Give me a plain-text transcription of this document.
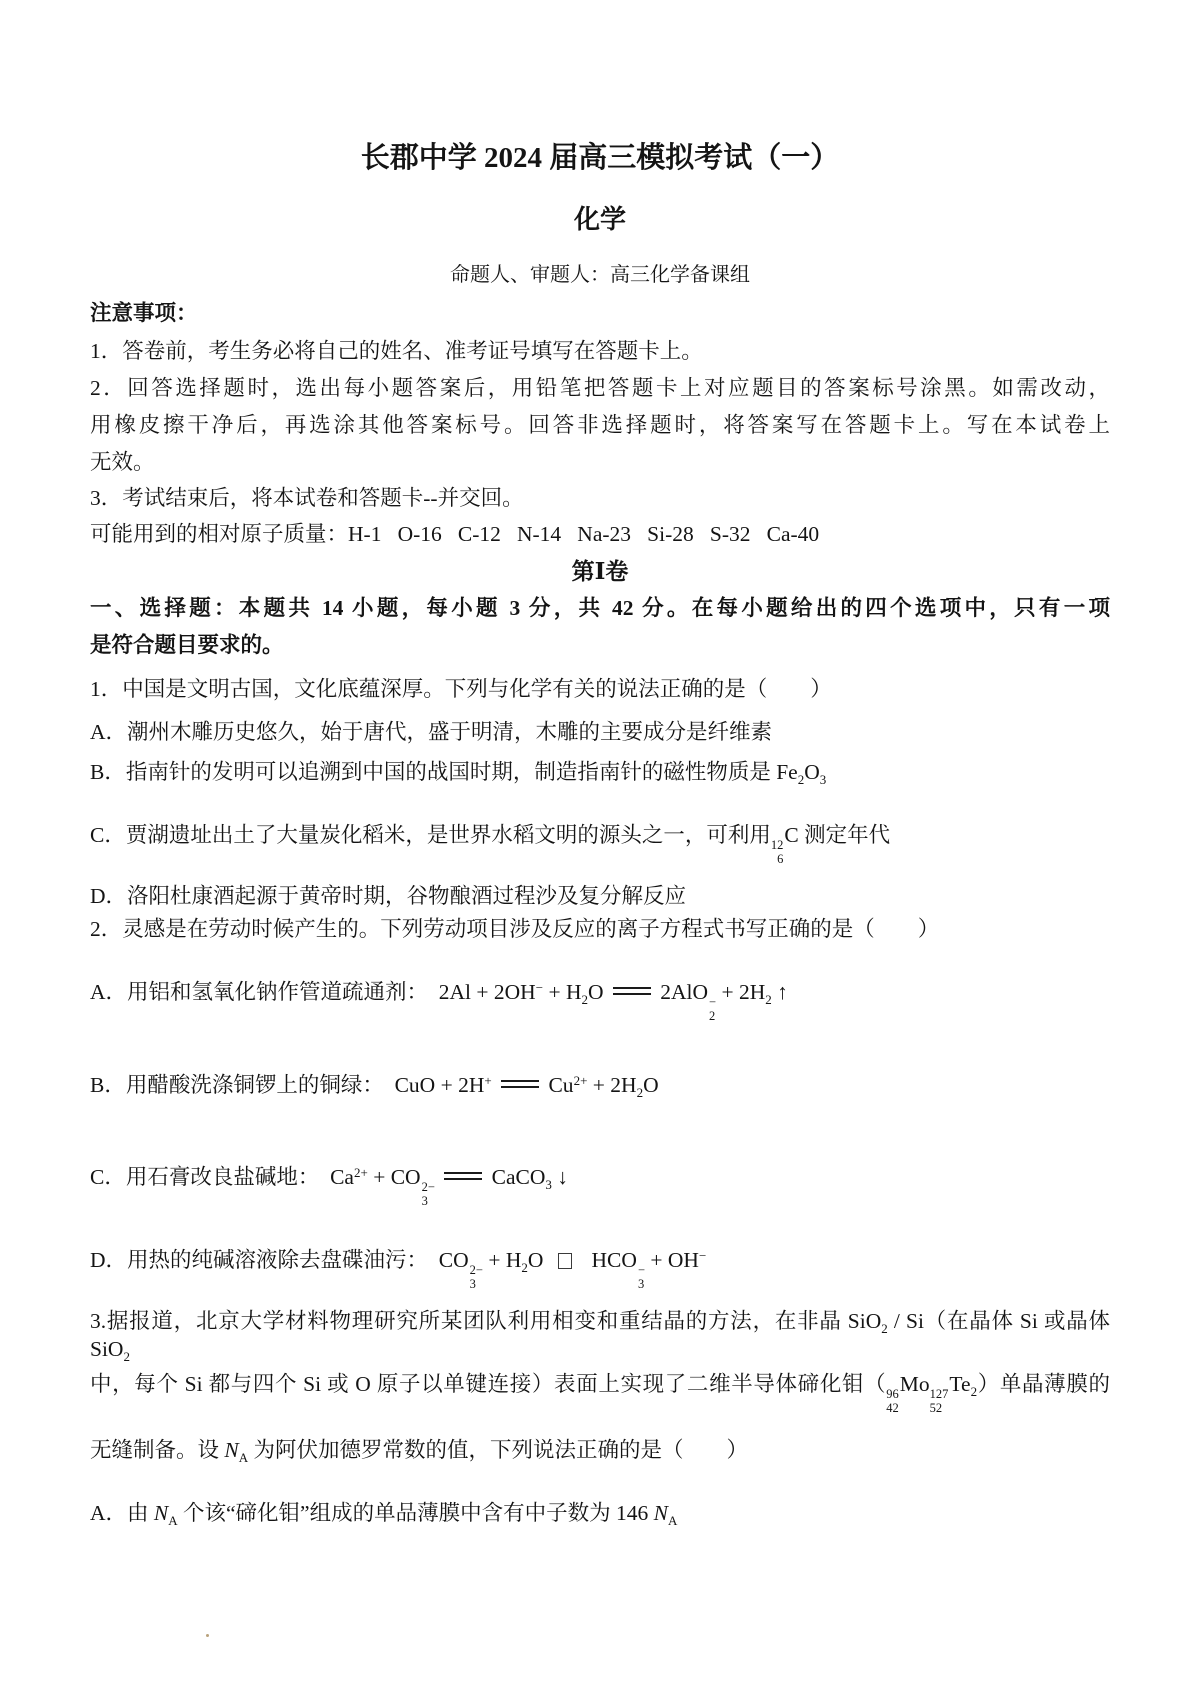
长郡中学 2024 届高三模拟考试（一）
化学

命题人、审题人：高三化学备课组

注意事项：

1．答卷前，考生务必将自己的姓名、准考证号填写在答题卡上。

2．回答选择题时，选出每小题答案后，用铅笔把答题卡上对应题目的答案标号涂黑。如需改动，

用橡皮擦干净后，再选涂其他答案标号。回答非选择题时，将答案写在答题卡上。写在本试卷上

无效。

3．考试结束后，将本试卷和答题卡--并交回。

可能用到的相对原子质量：H-1   O-16   C-12   N-14   Na-23   Si-28   S-32   Ca-40

第Ⅰ卷

一、选择题：本题共 14 小题，每小题 3 分，共 42 分。在每小题给出的四个选项中，只有一项

是符合题目要求的。

1．中国是文明古国，文化底蕴深厚。下列与化学有关的说法正确的是（　　）

A．潮州木雕历史悠久，始于唐代，盛于明清，木雕的主要成分是纤维素

B．指南针的发明可以追溯到中国的战国时期，制造指南针的磁性物质是 $Fe_2O_3$

C．贾湖遗址出土了大量炭化稻米，是世界水稻文明的源头之一，可利用 12
6
C 测定年代

D．洛阳杜康酒起源于黄帝时期，谷物酿酒过程沙及复分解反应

2．灵感是在劳动时候产生的。下列劳动项目涉及反应的离子方程式书写正确的是（　　）

A．用铝和氢氧化钠作管道疏通剂：  $2Al + 2OH^- + H_2O$  2AlO −
2
+ $2H_2$ ↑

B．用醋酸洗涤铜锣上的铜绿：  CuO + 2H+  $Cu^{2+} + 2H_2O$

C．用石膏改良盐碱地：  $Ca^{2+}$ + CO 2−
3
CaCO$_3$ ↓

D．用热的纯碱溶液除去盘碟油污：  CO 2−
3
+ $H_2O$   HCO −
3
+ OH−

3.据报道，北京大学材料物理研究所某团队利用相变和重结晶的方法，在非晶 SiO$_2$ / Si（在晶体 Si 或晶体 SiO$_2$

中，每个 Si 都与四个 Si 或 O 原子以单键连接）表面上实现了二维半导体碲化钼（ 96
42
Mo 127
52
$Te_2$）单晶薄膜的

无缝制备。设 $N_A$ 为阿伏加德罗常数的值，下列说法正确的是（　　）

A．由 $N_A$ 个该“碲化钼”组成的单品薄膜中含有中子数为 146 $N_A$
